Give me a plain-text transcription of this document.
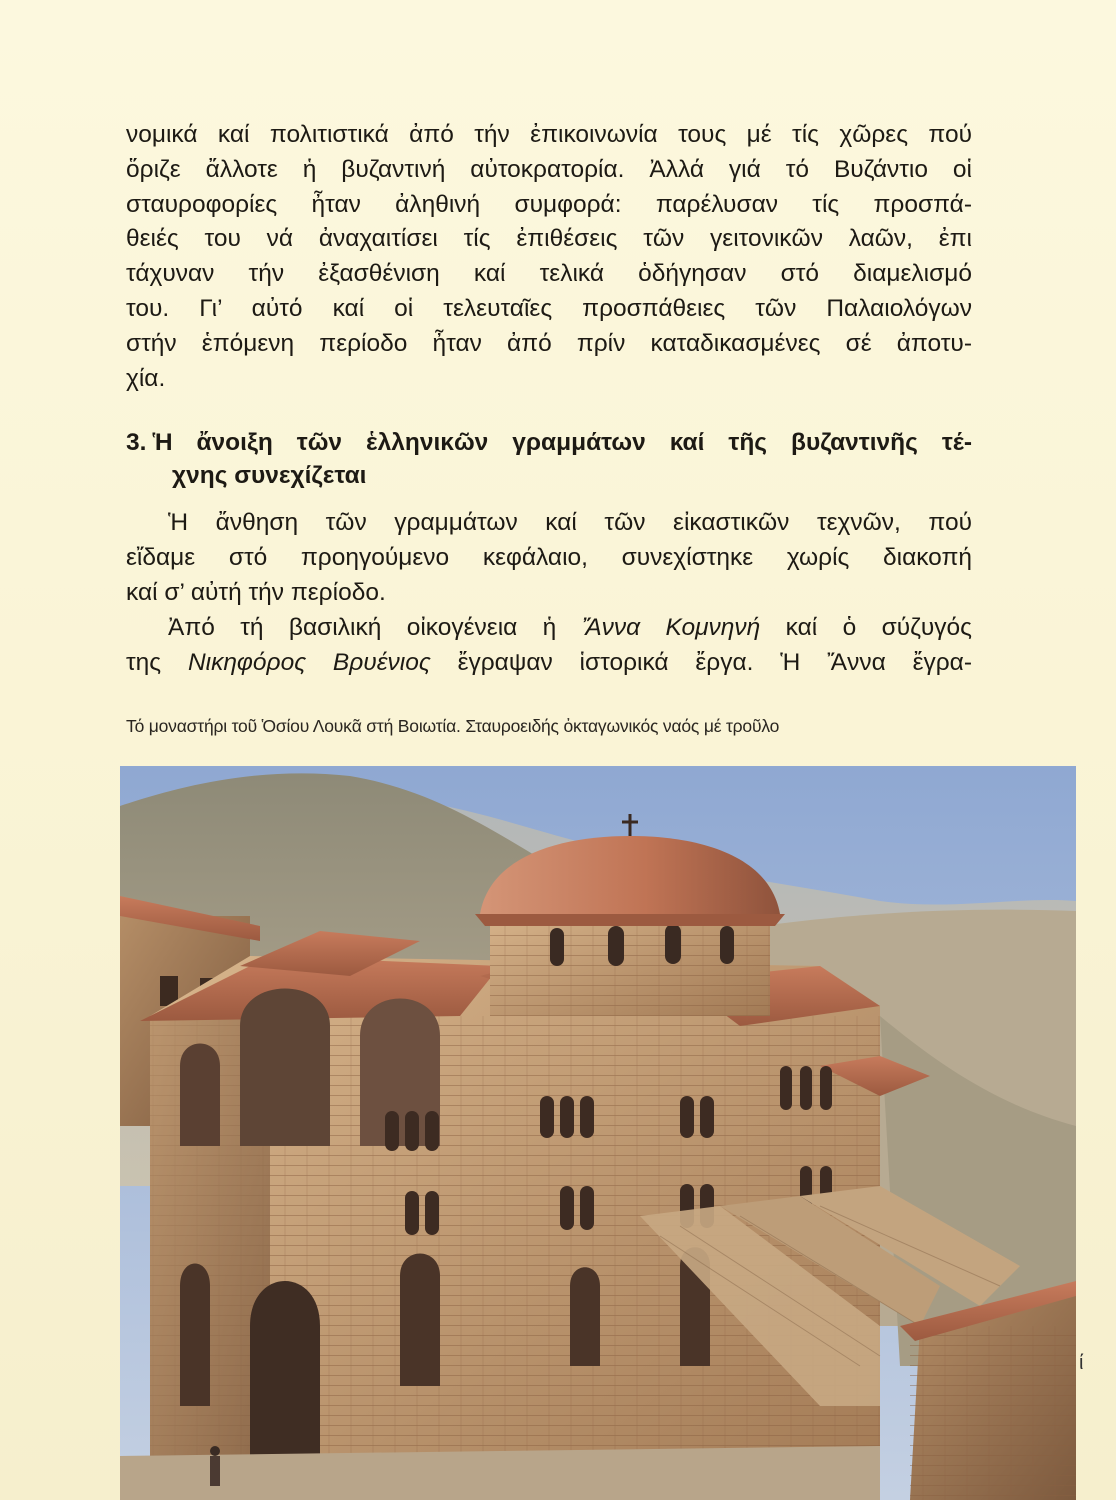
νομικά καί πολιτιστικά ἀπό τήν ἐπικοινωνία τους μέ τίς χῶρες πού
ὅριζε ἄλλοτε ἡ βυζαντινή αὐτοκρατορία. Ἀλλά γιά τό Βυζάντιο οἱ
σταυροφορίες ἦταν ἀληθινή συμφορά: παρέλυσαν τίς προσπά-
θειές του νά ἀναχαιτίσει τίς ἐπιθέσεις τῶν γειτονικῶν λαῶν, ἐπι
τάχυναν τήν ἐξασθένιση καί τελικά ὁδήγησαν στό διαμελισμό
του. Γι’ αὐτό καί οἱ τελευταῖες προσπάθειες τῶν Παλαιολόγων
στήν ἑπόμενη περίοδο ἦταν ἀπό πρίν καταδικασμένες σέ ἀποτυ-
χία.
3. Ἡ ἄνοιξη τῶν ἑλληνικῶν γραμμάτων καί τῆς βυζαντινῆς τέ-
χνης συνεχίζεται
Ἡ ἄνθηση τῶν γραμμάτων καί τῶν εἰκαστικῶν τεχνῶν, πού
εἴδαμε στό προηγούμενο κεφάλαιο, συνεχίστηκε χωρίς διακοπή
καί σ’ αὐτή τήν περίοδο.
Ἀπό τή βασιλική οἰκογένεια ἡ Ἄννα Κομνηνή καί ὁ σύζυγός
της Νικηφόρος Βρυένιος ἔγραψαν ἱστορικά ἔργα. Ἡ Ἄννα ἔγρα-
Τό μοναστήρι τοῦ Ὁσίου Λουκᾶ στή Βοιωτία. Σταυροειδής ὀκταγωνικός ναός μέ τροῦλο
ί
